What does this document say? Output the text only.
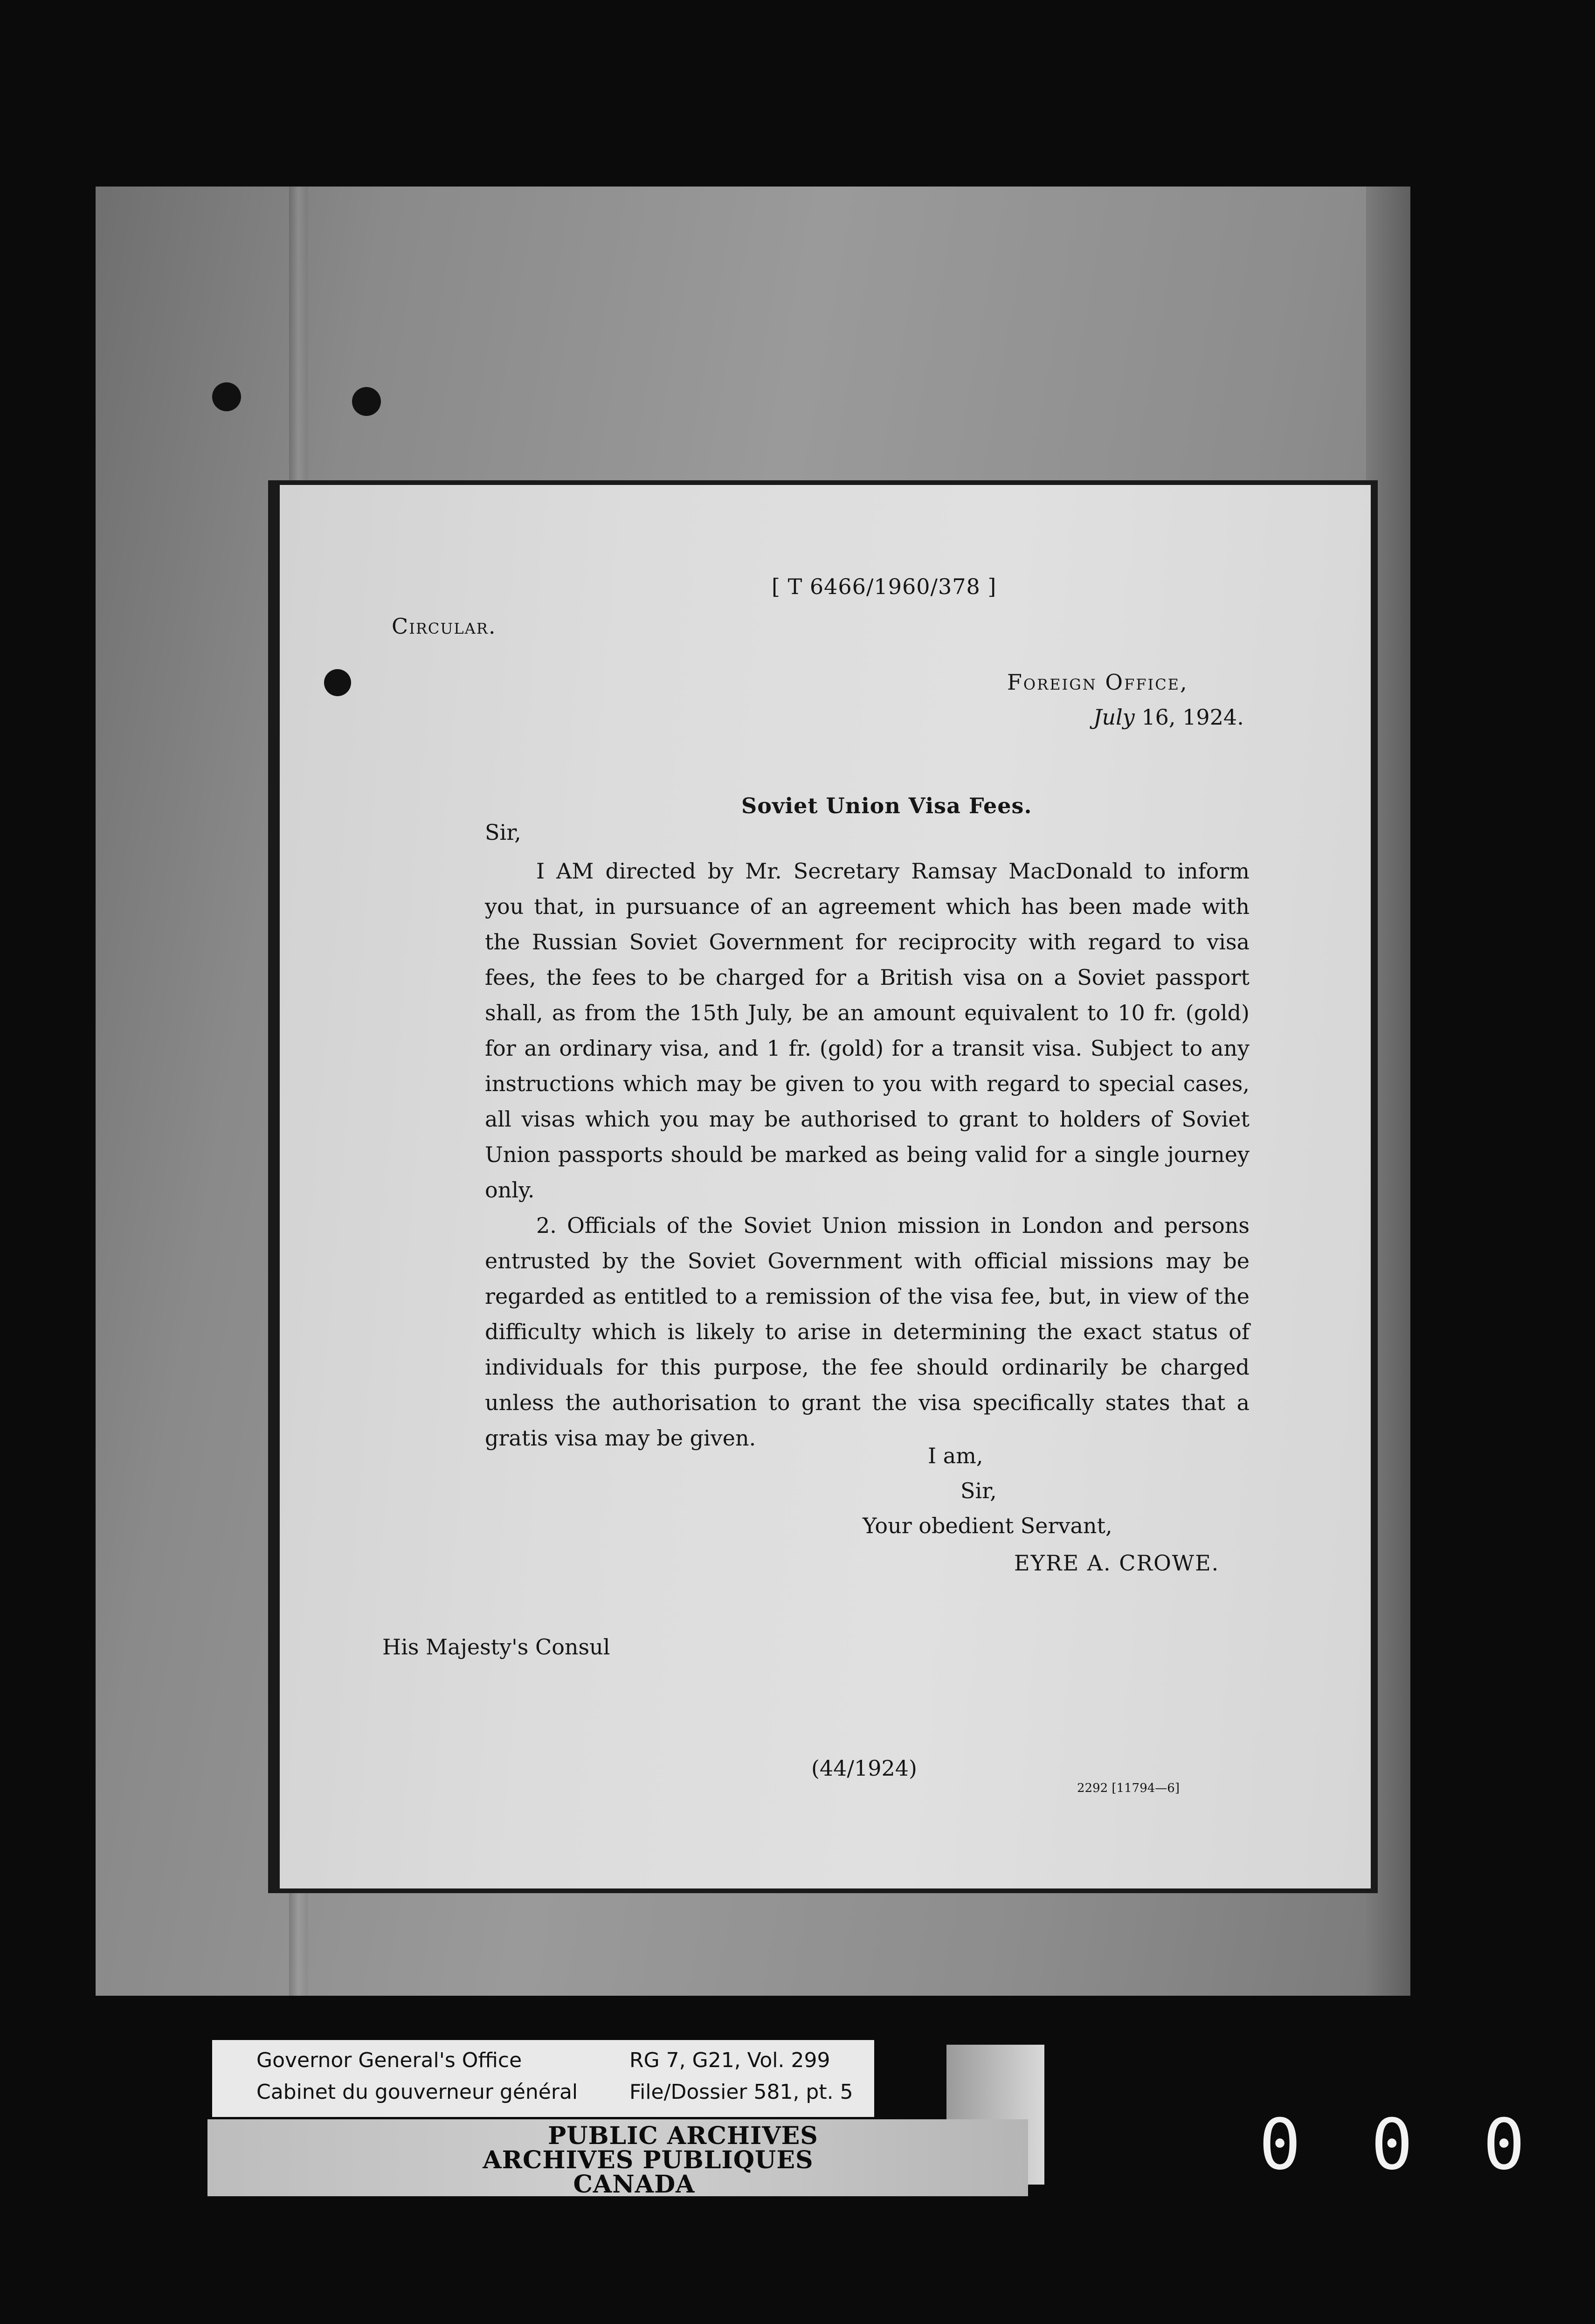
[ T 6466/1960/378 ]
Circular.
Foreign Office,
July 16, 1924.
Soviet Union Visa Fees.
Sir,

I AM directed by Mr. Secretary Ramsay MacDonald to inform you that, in pursuance of an agreement which has been made with the Russian Soviet Government for reciprocity with regard to visa fees, the fees to be charged for a British visa on a Soviet passport shall, as from the 15th July, be an amount equivalent to 10 fr. (gold) for an ordinary visa, and 1 fr. (gold) for a transit visa. Subject to any instructions which may be given to you with regard to special cases, all visas which you may be authorised to grant to holders of Soviet Union passports should be marked as being valid for a single journey only.

2. Officials of the Soviet Union mission in London and persons entrusted by the Soviet Government with official missions may be regarded as entitled to a remission of the visa fee, but, in view of the difficulty which is likely to arise in determining the exact status of individuals for this purpose, the fee should ordinarily be charged unless the authorisation to grant the visa specifically states that a gratis visa may be given.

I am,
Sir,
Your obedient Servant,
EYRE A. CROWE.
His Majesty's Consul
(44/1924)
2292 [11794—6]
Governor General's Office
Cabinet du gouverneur général
RG 7, G21, Vol. 299
File/Dossier 581, pt. 5
PUBLIC ARCHIVES
ARCHIVES PUBLIQUES
CANADA	000
